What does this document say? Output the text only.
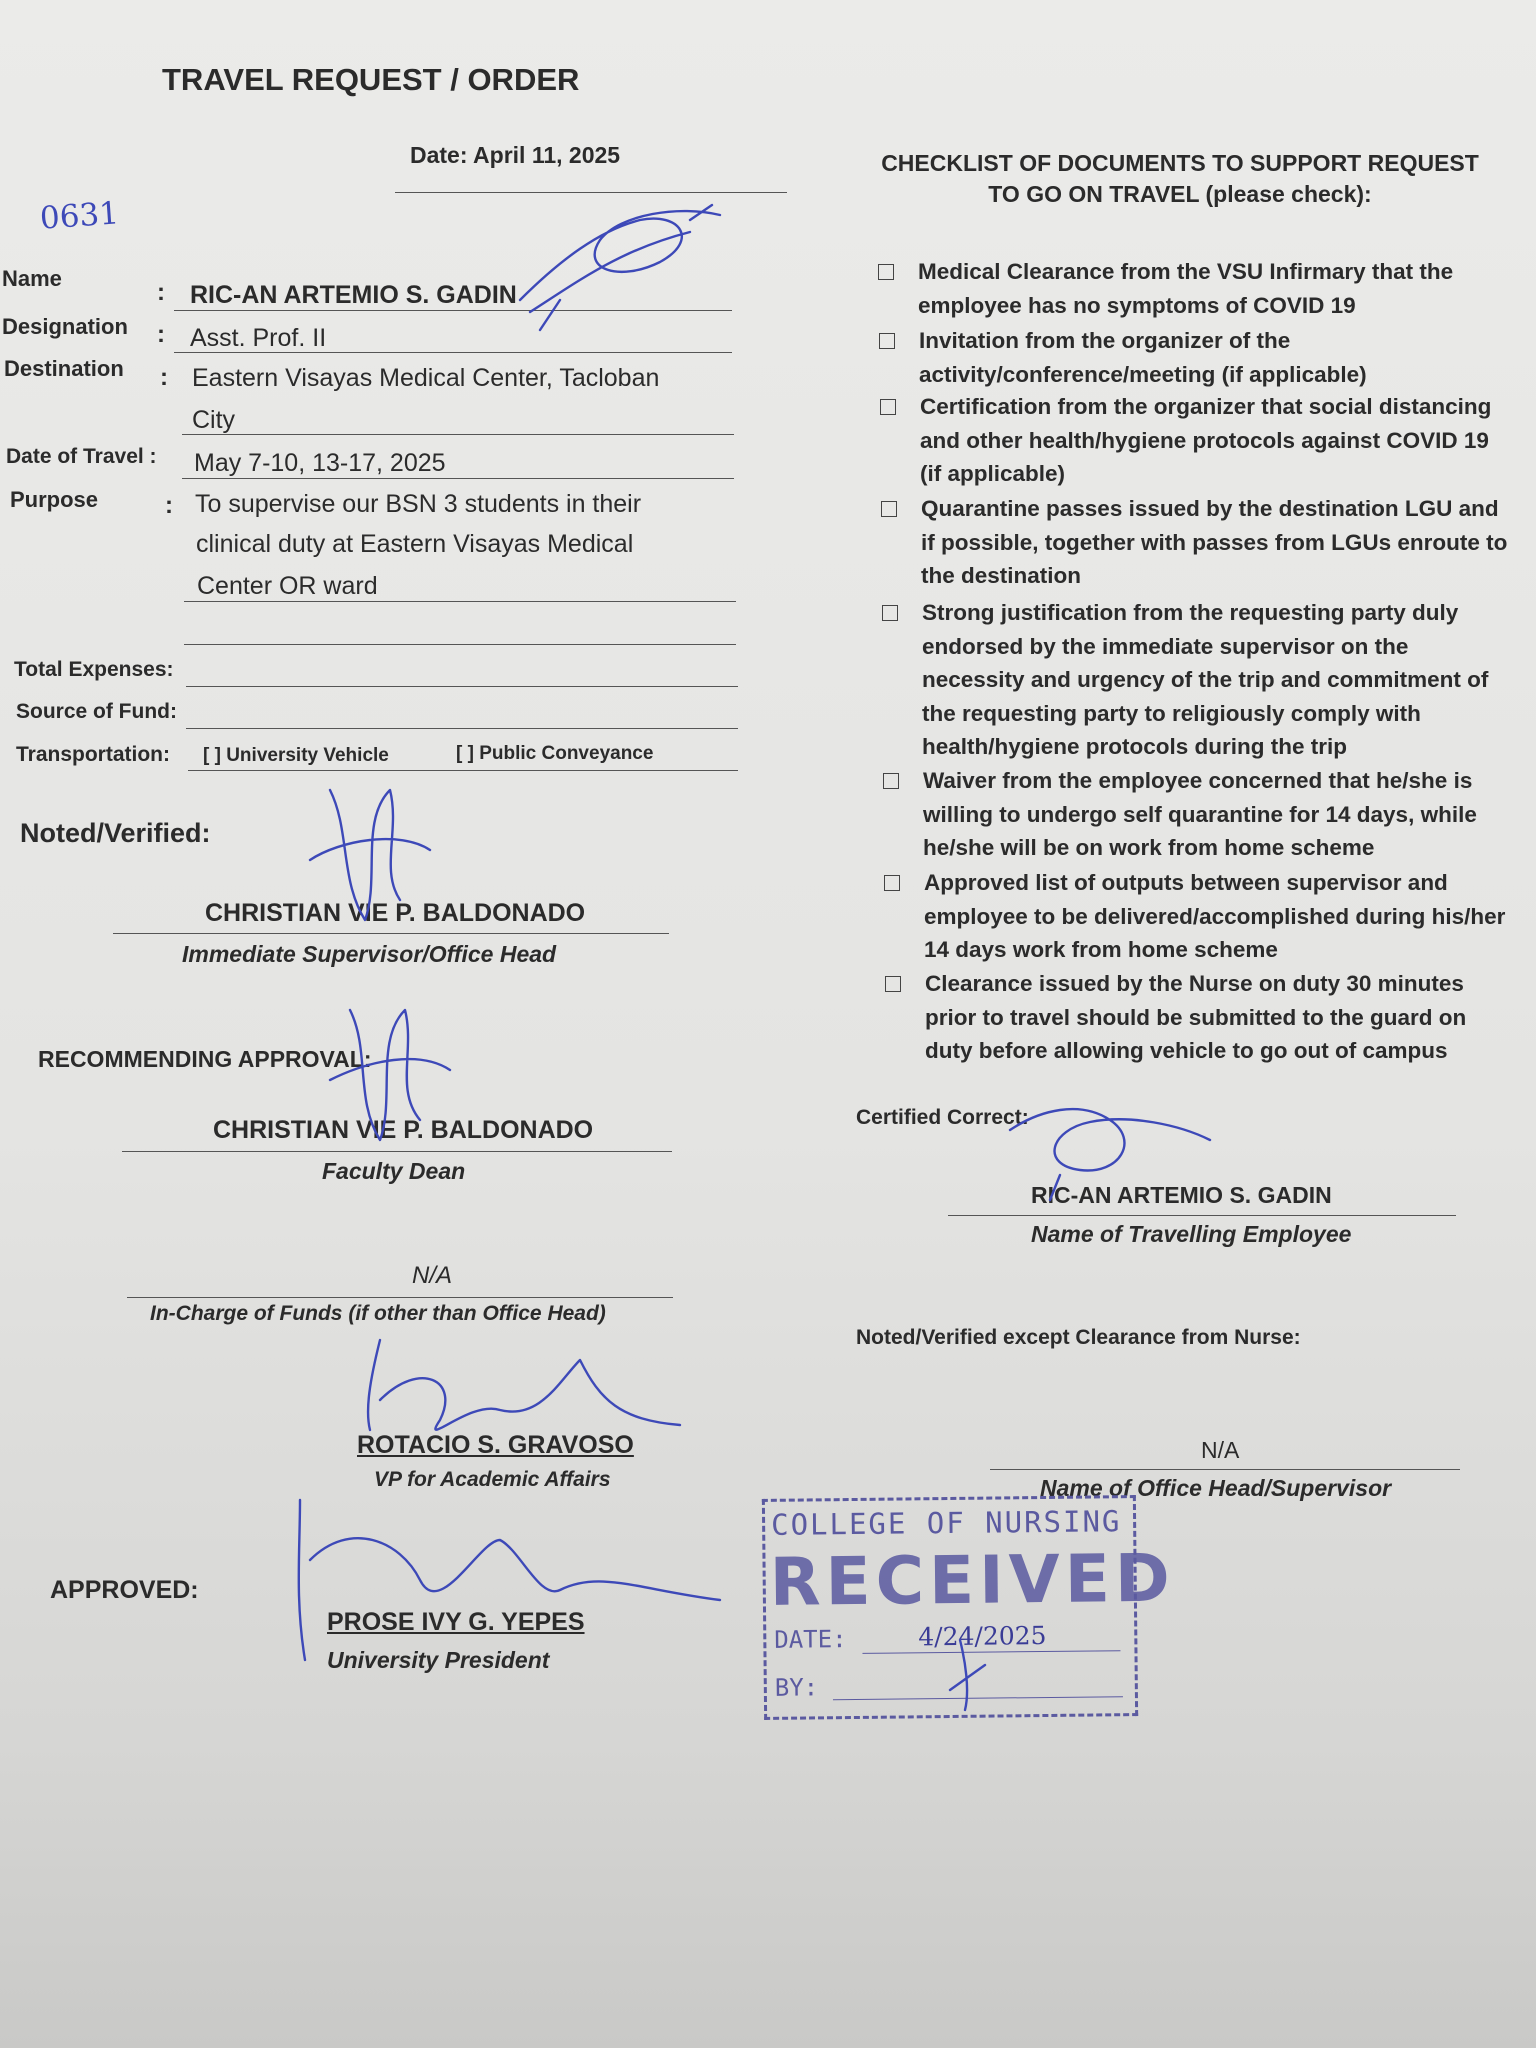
TRAVEL REQUEST / ORDER
Date: April 11, 2025
0631
Name
: RIC-AN ARTEMIO S. GADIN
Designation : Asst. Prof. II
Destination : Eastern Visayas Medical Center, Tacloban
City
Date of Travel : May 7-10, 13-17, 2025
Purpose	: To supervise our BSN 3 students in their
clinical duty at Eastern Visayas Medical
Center OR ward
Total Expenses:
Source of Fund:
Transportation: [ ] University Vehicle	[ ] Public Conveyance
Noted/Verified:
CHRISTIAN VIE P. BALDONADO
Immediate Supervisor/Office Head
RECOMMENDING APPROVAL:
CHRISTIAN VIE P. BALDONADO
Faculty Dean
N/A
In-Charge of Funds (if other than Office Head)
ROTACIO S. GRAVOSO
VP for Academic Affairs
APPROVED:
PROSE IVY G. YEPES
University President
CHECKLIST OF DOCUMENTS TO SUPPORT REQUEST
TO GO ON TRAVEL (please check):
Medical Clearance from the VSU Infirmary that the employee has no symptoms of COVID 19
Invitation from the organizer of the activity/conference/meeting (if applicable)
Certification from the organizer that social distancing and other health/hygiene protocols against COVID 19 (if applicable)
Quarantine passes issued by the destination LGU and if possible, together with passes from LGUs enroute to the destination
Strong justification from the requesting party duly endorsed by the immediate supervisor on the necessity and urgency of the trip and commitment of the requesting party to religiously comply with health/hygiene protocols during the trip
Waiver from the employee concerned that he/she is willing to undergo self quarantine for 14 days, while he/she will be on work from home scheme
Approved list of outputs between supervisor and employee to be delivered/accomplished during his/her 14 days work from home scheme
Clearance issued by the Nurse on duty 30 minutes prior to travel should be submitted to the guard on duty before allowing vehicle to go out of campus
Certified Correct:
RIC-AN ARTEMIO S. GADIN
Name of Travelling Employee
Noted/Verified except Clearance from Nurse:
N/A
Name of Office Head/Supervisor
COLLEGE OF NURSING
RECEIVED
DATE:	4/24/2025
BY:
